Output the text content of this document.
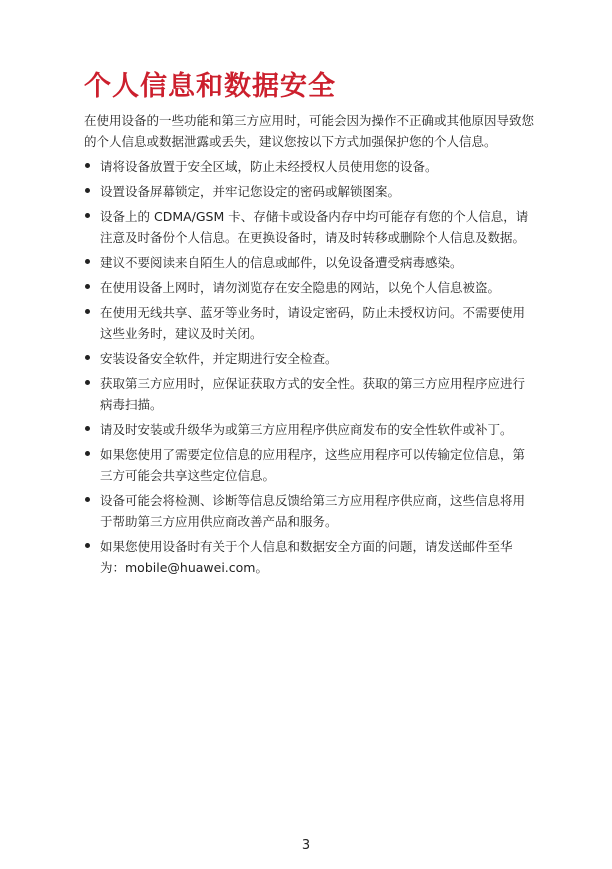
个人信息和数据安全

在使用设备的一些功能和第三方应用时，可能会因为操作不正确或其他原因导致您的个人信息或数据泄露或丢失，建议您按以下方式加强保护您的个人信息。

请将设备放置于安全区域，防止未经授权人员使用您的设备。
设置设备屏幕锁定，并牢记您设定的密码或解锁图案。
设备上的 CDMA/GSM 卡、存储卡或设备内存中均可能存有您的个人信息，请注意及时备份个人信息。在更换设备时，请及时转移或删除个人信息及数据。
建议不要阅读来自陌生人的信息或邮件，以免设备遭受病毒感染。
在使用设备上网时，请勿浏览存在安全隐患的网站，以免个人信息被盗。
在使用无线共享、蓝牙等业务时，请设定密码，防止未授权访问。不需要使用这些业务时，建议及时关闭。
安装设备安全软件，并定期进行安全检查。
获取第三方应用时，应保证获取方式的安全性。获取的第三方应用程序应进行病毒扫描。
请及时安装或升级华为或第三方应用程序供应商发布的安全性软件或补丁。
如果您使用了需要定位信息的应用程序，这些应用程序可以传输定位信息，第三方可能会共享这些定位信息。
设备可能会将检测、诊断等信息反馈给第三方应用程序供应商，这些信息将用于帮助第三方应用供应商改善产品和服务。
如果您使用设备时有关于个人信息和数据安全方面的问题，请发送邮件至华为：mobile@huawei.com。
3
